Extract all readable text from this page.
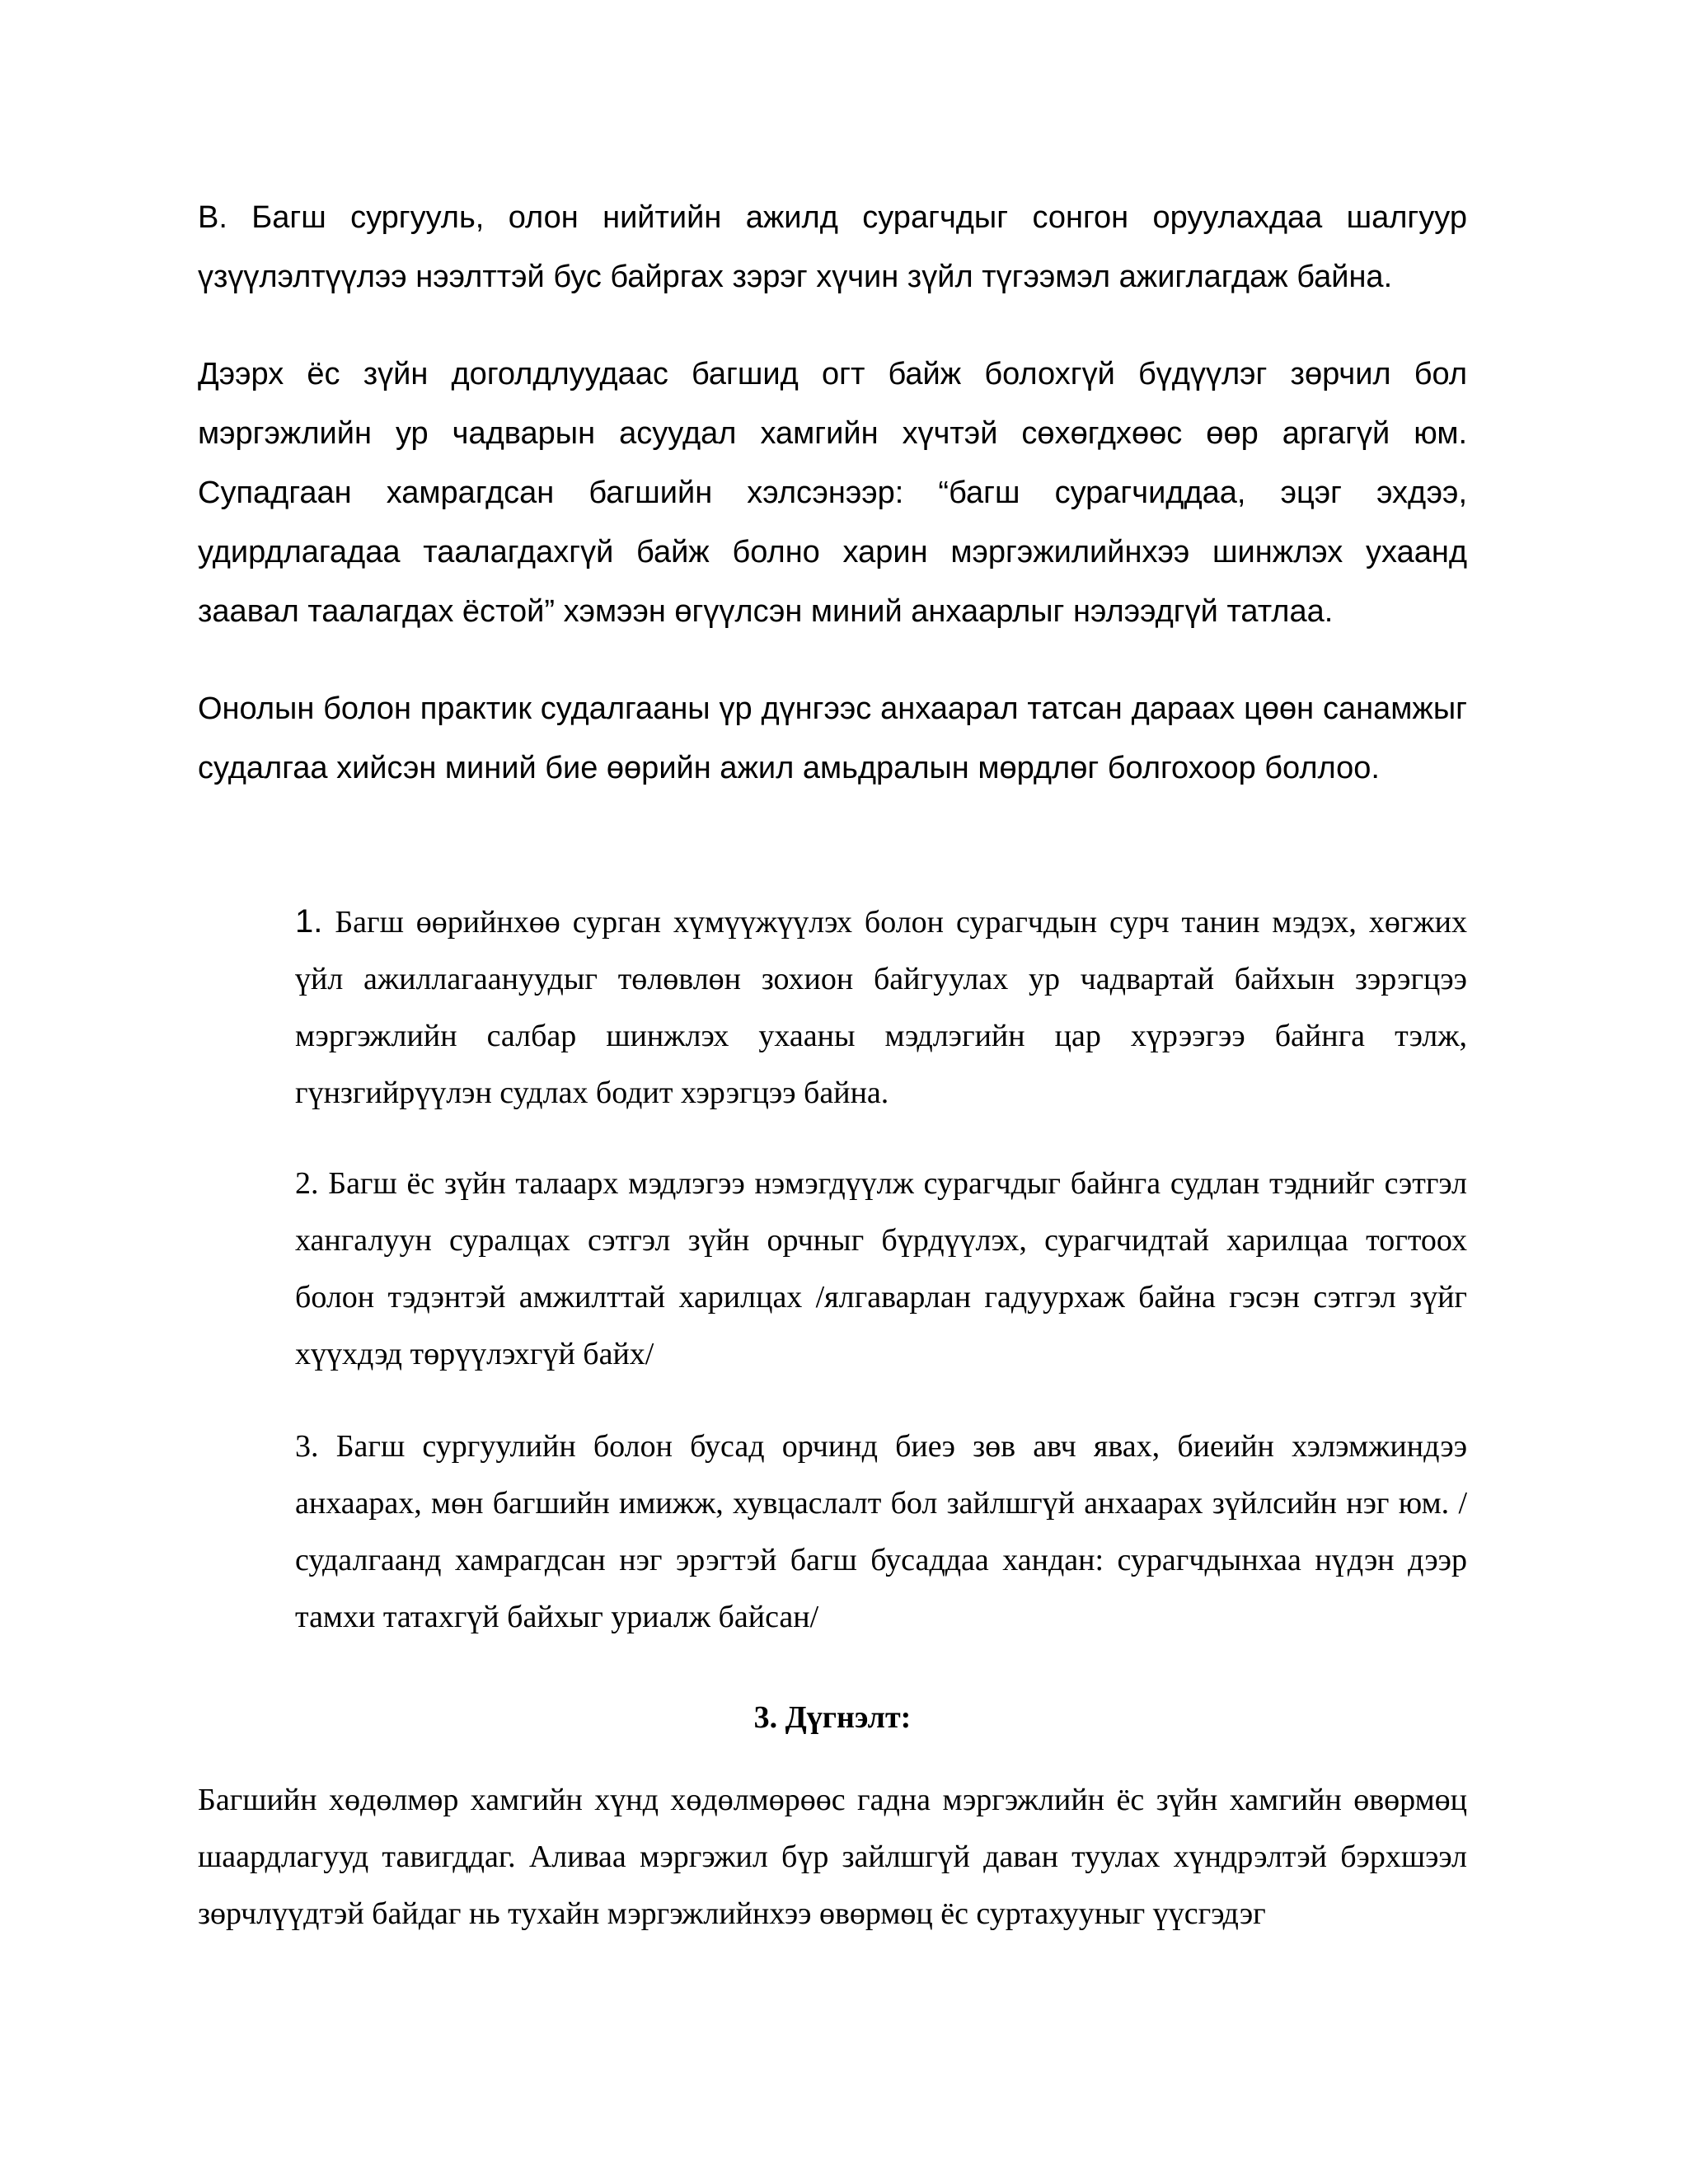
B. Багш сургууль, олон нийтийн ажилд сурагчдыг сонгон оруулахдаа шалгуур үзүүлэлтүүлээ нээлттэй бус байргах зэрэг хүчин зүйл түгээмэл ажиглагдаж байна.

Дээрх ёс зүйн доголдлуудаас багшид огт байж болохгүй бүдүүлэг зөрчил бол мэргэжлийн ур чадварын асуудал хамгийн хүчтэй сөхөгдхөөс өөр аргагүй юм. Супадгаан хамрагдсан багшийн хэлсэнээр: “багш сурагчиддаа, эцэг эхдээ, удирдлагадаа таалагдахгүй байж болно харин мэргэжилийнхээ шинжлэх ухаанд заавал таалагдах ёстой” хэмээн өгүүлсэн миний анхаарлыг нэлээдгүй татлаа.

Онолын болон практик судалгааны үр дүнгээс анхаарал татсан дараах цөөн санамжыг судалгаа хийсэн миний бие өөрийн ажил амьдралын мөрдлөг болгохоор боллоо.

1. Багш өөрийнхөө сурган хүмүүжүүлэх болон сурагчдын сурч танин мэдэх, хөгжих үйл ажиллагаануудыг төлөвлөн зохион байгуулах ур чадвартай байхын зэрэгцээ мэргэжлийн салбар шинжлэх ухааны мэдлэгийн цар хүрээгээ байнга тэлж, гүнзгийрүүлэн судлах бодит хэрэгцээ байна.

2. Багш ёс зүйн талаарх мэдлэгээ нэмэгдүүлж сурагчдыг байнга судлан тэднийг сэтгэл хангалуун суралцах сэтгэл зүйн орчныг бүрдүүлэх, сурагчидтай харилцаа тогтоох болон тэдэнтэй амжилттай харилцах /ялгаварлан гадуурхаж байна гэсэн сэтгэл зүйг хүүхдэд төрүүлэхгүй байх/

3. Багш сургуулийн болон бусад орчинд биеэ зөв авч явах, биеийн хэлэмжиндээ анхаарах, мөн багшийн имижж, хувцаслалт бол зайлшгүй анхаарах зүйлсийн нэг юм. /судалгаанд хамрагдсан нэг эрэгтэй багш бусаддаа хандан: сурагчдынхаа нүдэн дээр тамхи татахгүй байхыг уриалж байсан/

3. Дүгнэлт:

Багшийн хөдөлмөр хамгийн хүнд хөдөлмөрөөс гадна мэргэжлийн ёс зүйн хамгийн өвөрмөц шаардлагууд тавигддаг. Аливаа мэргэжил бүр зайлшгүй даван туулах хүндрэлтэй бэрхшээл зөрчлүүдтэй байдаг нь тухайн мэргэжлийнхээ өвөрмөц ёс суртахууныг үүсгэдэг
